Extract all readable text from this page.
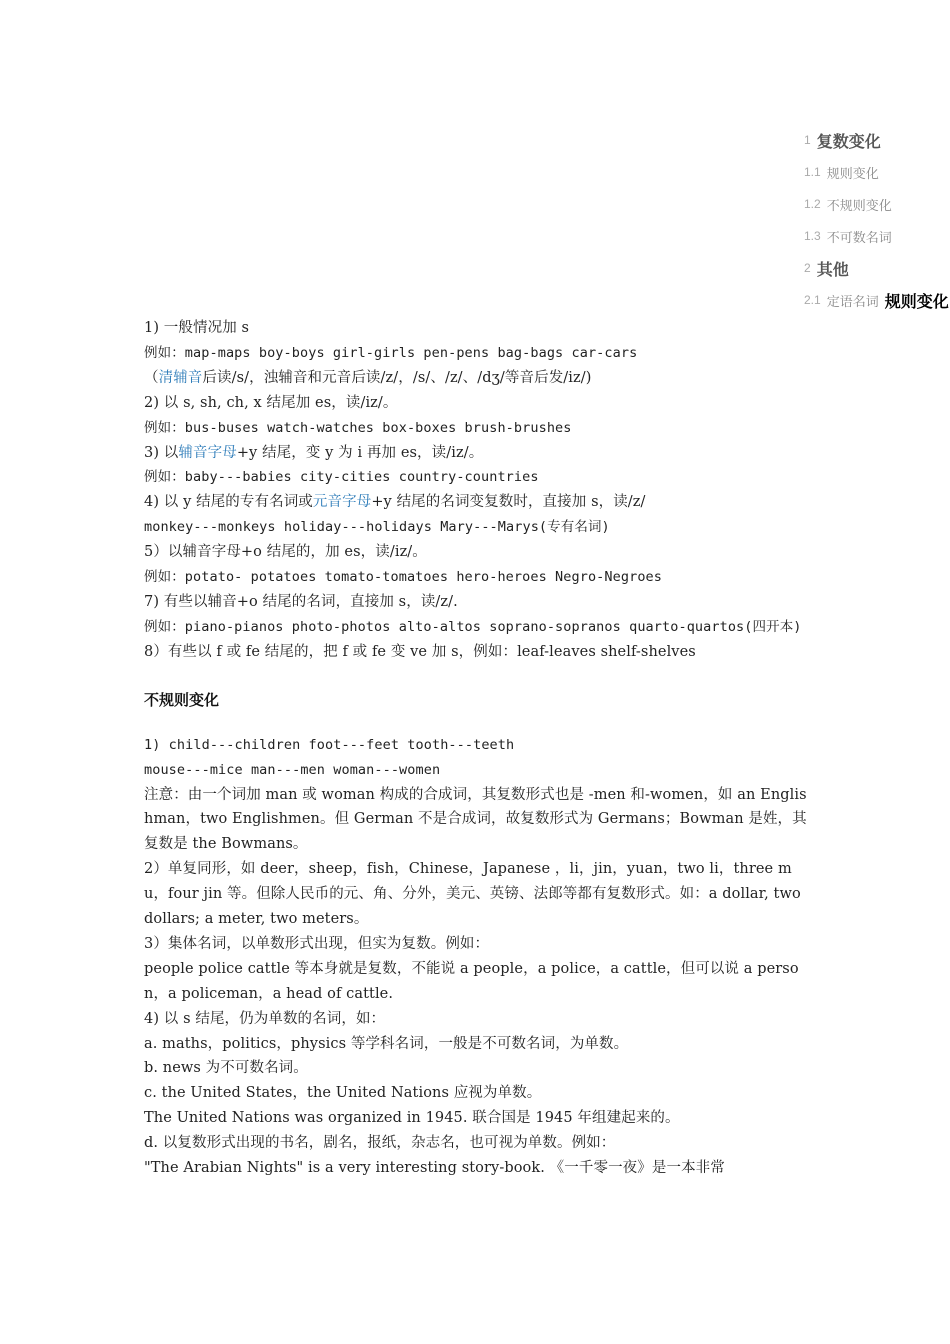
1 复数变化
1.1 规则变化
1.2 不规则变化
1.3 不可数名词
2 其他
2.1 定语名词 规则变化
1) 一般情况加 s
例如：map-maps boy-boys girl-girls pen-pens bag-bags car-cars
（清辅音后读/s/，浊辅音和元音后读/z/，/s/、/z/、/dʒ/等音后发/iz/)
2) 以 s, sh, ch, x 结尾加 es，读/iz/。
例如：bus-buses watch-watches box-boxes brush-brushes
3) 以辅音字母+y 结尾，变 y 为 i 再加 es，读/iz/。
例如：baby---babies city-cities country-countries
4) 以 y 结尾的专有名词或元音字母+y 结尾的名词变复数时，直接加 s，读/z/
monkey---monkeys holiday---holidays Mary---Marys(专有名词)
5）以辅音字母+o 结尾的，加 es，读/iz/。
例如：potato- potatoes tomato-tomatoes hero-heroes Negro-Negroes
7) 有些以辅音+o 结尾的名词，直接加 s，读/z/.
例如：piano-pianos photo-photos alto-altos soprano-sopranos quarto-quartos(四开本)
8）有些以 f 或 fe 结尾的，把 f 或 fe 变 ve 加 s，例如：leaf-leaves shelf-shelves
不规则变化
1) child---children foot---feet tooth---teeth
mouse---mice man---men woman---women
注意：由一个词加 man 或 woman 构成的合成词，其复数形式也是 -men 和-women，如 an Englishman，two Englishmen。但 German 不是合成词，故复数形式为 Germans；Bowman 是姓，其复数是 the Bowmans。
2）单复同形，如 deer，sheep，fish，Chinese，Japanese ，li，jin，yuan，two li，three mu，four jin 等。但除人民币的元、角、分外，美元、英镑、法郎等都有复数形式。如：a dollar, two dollars; a meter, two meters。
3）集体名词，以单数形式出现，但实为复数。例如：
people police cattle 等本身就是复数，不能说 a people，a police，a cattle，但可以说 a person，a policeman，a head of cattle.
4) 以 s 结尾，仍为单数的名词，如：
a. maths，politics，physics 等学科名词，一般是不可数名词，为单数。
b. news 为不可数名词。
c. the United States，the United Nations 应视为单数。
The United Nations was organized in 1945. 联合国是 1945 年组建起来的。
d. 以复数形式出现的书名，剧名，报纸，杂志名，也可视为单数。例如：
"The Arabian Nights" is a very interesting story-book. 《一千零一夜》是一本非常
